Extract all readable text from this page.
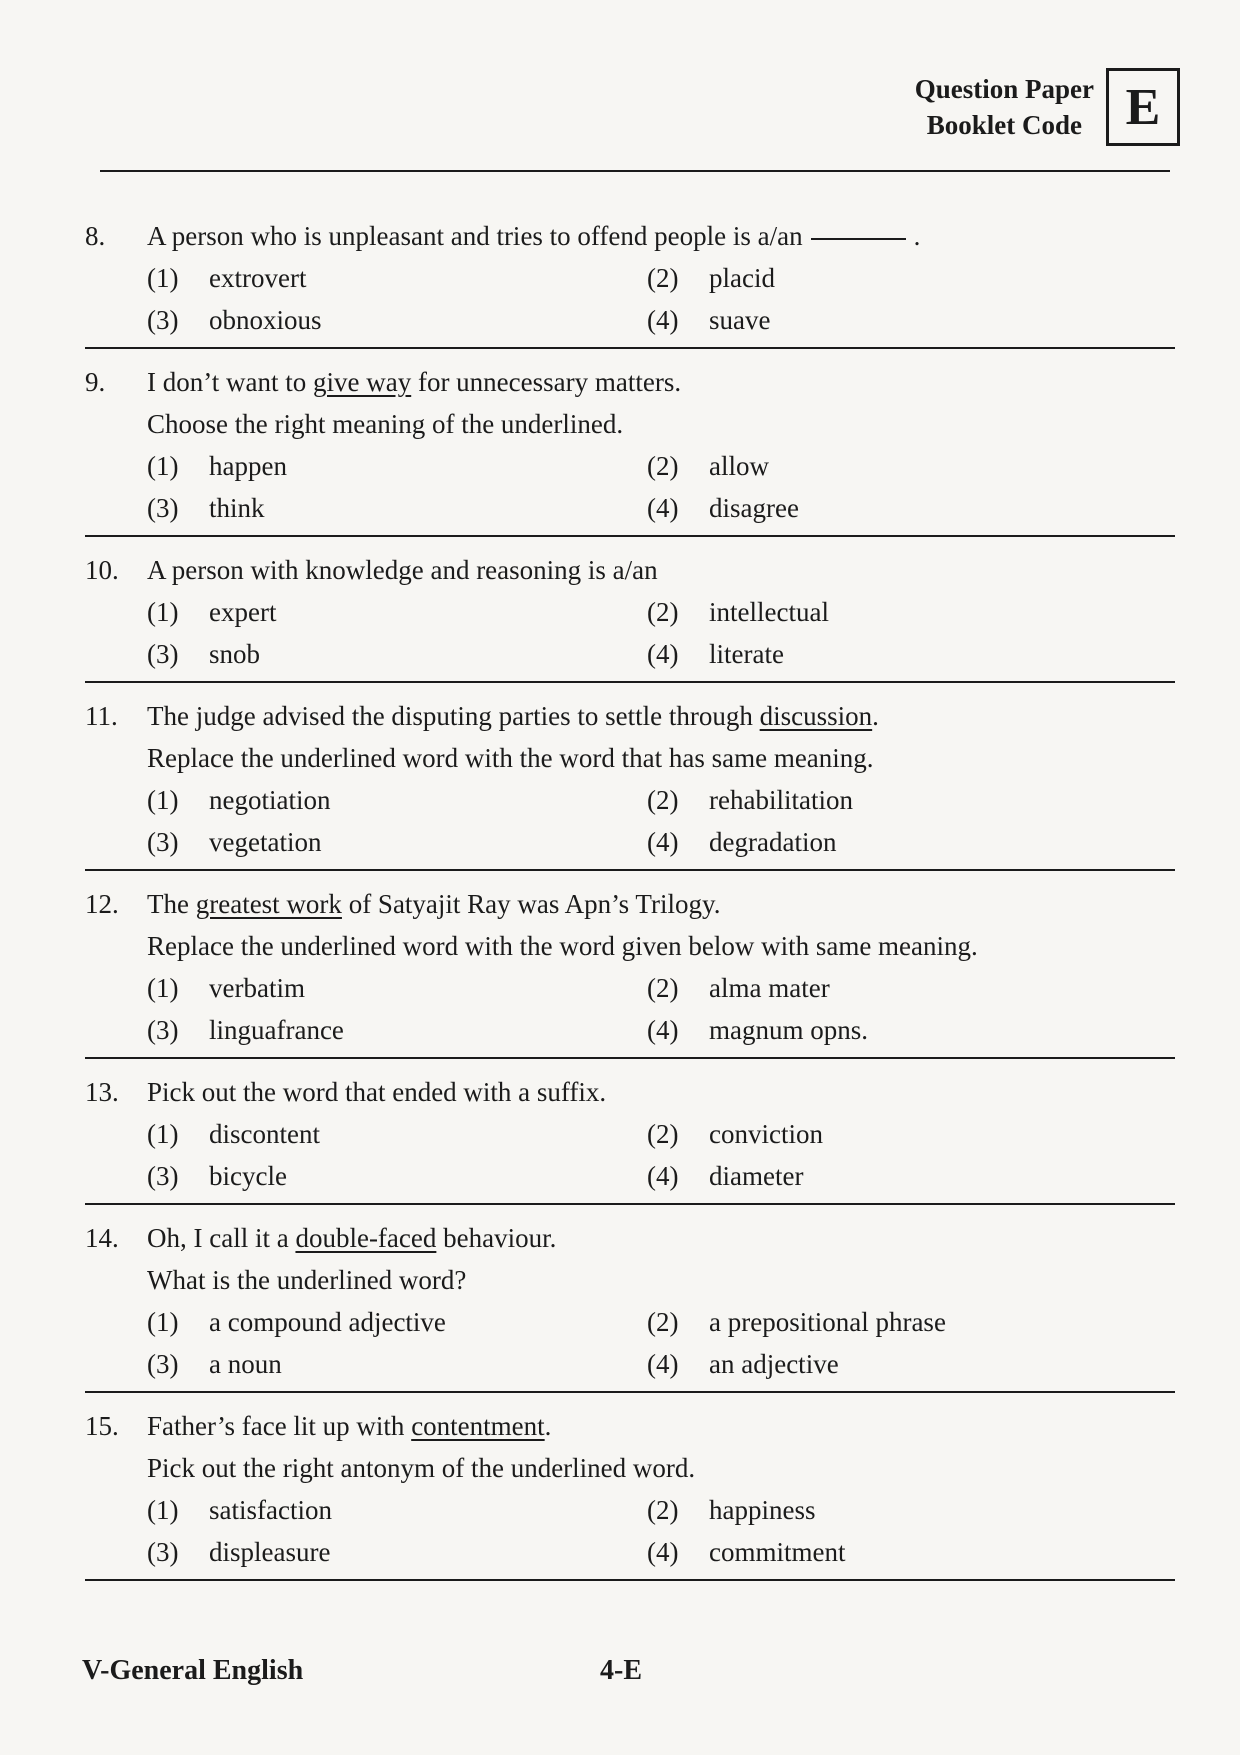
Question Paper
Booklet Code E
8.	A person who is unpleasant and tries to offend people is a/an	.
(1)	extrovert	(2)	placid
(3)	obnoxious	(4)	suave
9.	I don’t want to give way for unnecessary matters.
Choose the right meaning of the underlined.
(1)	happen	(2)	allow
(3)	think	(4)	disagree
10.	A person with knowledge and reasoning is a/an
(1)	expert	(2)	intellectual
(3)	snob	(4)	literate
11.	The judge advised the disputing parties to settle through discussion.
Replace the underlined word with the word that has same meaning.
(1)	negotiation	(2)	rehabilitation
(3)	vegetation	(4)	degradation
12.	The greatest work of Satyajit Ray was Apn’s Trilogy.
Replace the underlined word with the word given below with same meaning.
(1)	verbatim	(2)	alma mater
(3)	linguafrance	(4)	magnum opns.
13.	Pick out the word that ended with a suffix.
(1)	discontent	(2)	conviction
(3)	bicycle	(4)	diameter
14.	Oh, I call it a double-faced behaviour.
What is the underlined word?
(1)	a compound adjective	(2)	a prepositional phrase
(3)	a noun	(4)	an adjective
15.	Father’s face lit up with contentment.
Pick out the right antonym of the underlined word.
(1)	satisfaction	(2)	happiness
(3)	displeasure	(4)	commitment
V-General English	4-E
